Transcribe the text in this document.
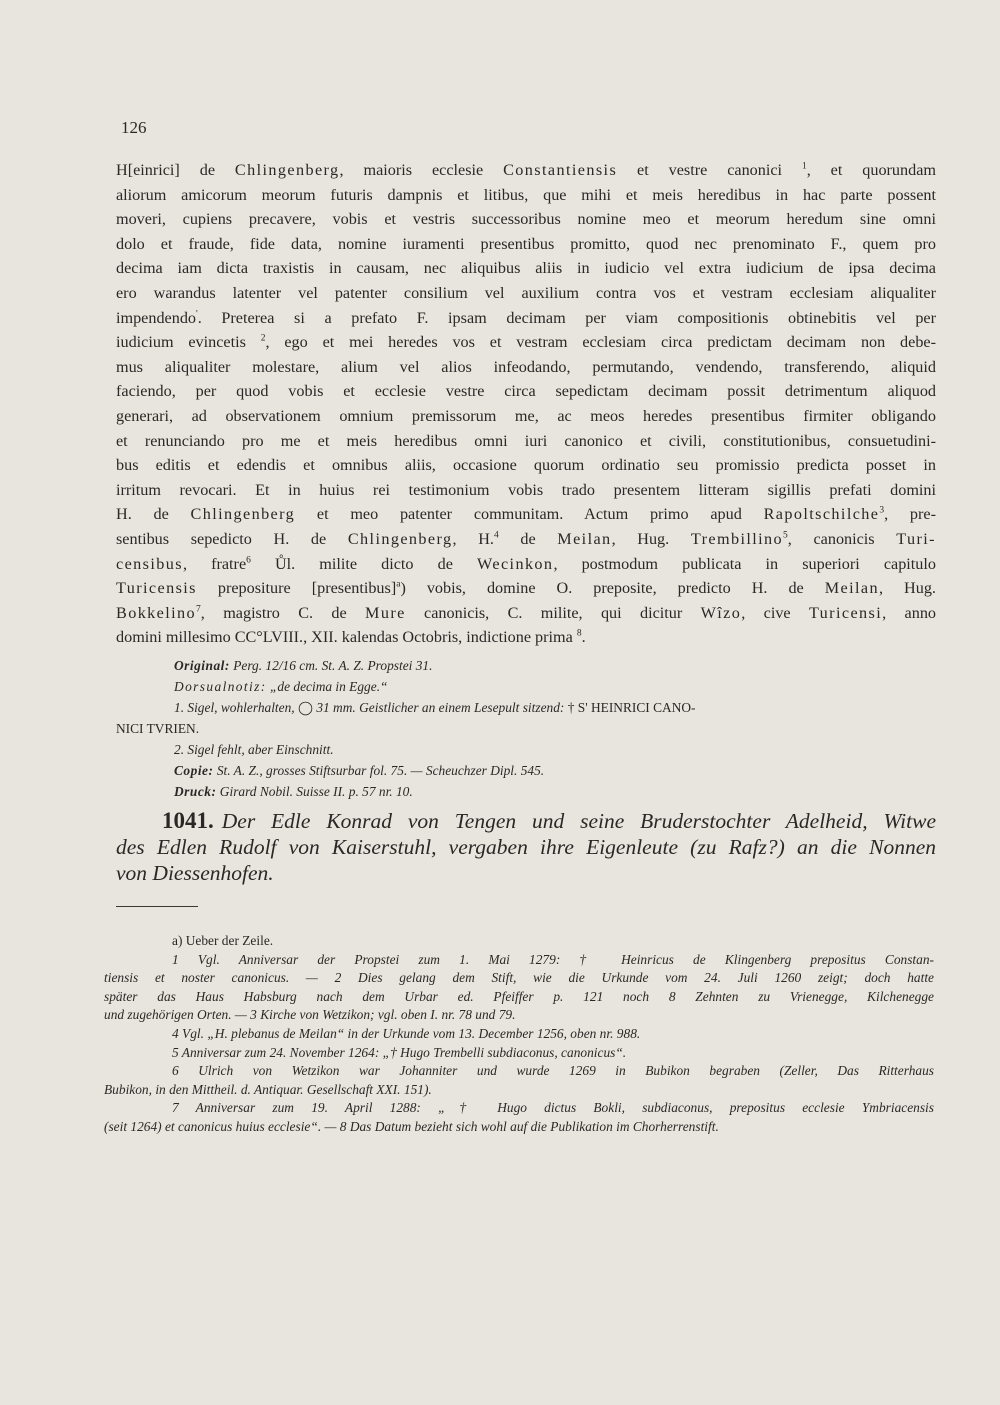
126

H[einrici] de Chlingenberg, maioris ecclesie Constantiensis et vestre canonici $^1$, et quorundam

aliorum amicorum meorum futuris dampnis et litibus, que mihi et meis heredibus in hac parte possent

moveri, cupiens precavere, vobis et vestris successoribus nomine meo et meorum heredum sine omni

dolo et fraude, fide data, nomine iuramenti presentibus promitto, quod nec prenominato F., quem pro

decima iam dicta traxistis in causam, nec aliquibus aliis in iudicio vel extra iudicium de ipsa decima

ero warandus latenter vel patenter consilium vel auxilium contra vos et vestram ecclesiam aliqualiter

impendendo'. Preterea si a prefato F. ipsam decimam per viam compositionis obtinebitis vel per

iudicium evincetis $^2$, ego et mei heredes vos et vestram ecclesiam circa predictam decimam non debe-

mus aliqualiter molestare, alium vel alios infeodando, permutando, vendendo, transferendo, aliquid

faciendo, per quod vobis et ecclesie vestre circa sepedictam decimam possit detrimentum aliquod

generari, ad observationem omnium premissorum me, ac meos heredes presentibus firmiter obligando

et renunciando pro me et meis heredibus omni iuri canonico et civili, constitutionibus, consuetudini-

bus editis et edendis et omnibus aliis, occasione quorum ordinatio seu promissio predicta posset in

irritum revocari. Et in huius rei testimonium vobis trado presentem litteram sigillis prefati domini

H. de Chlingenberg et meo patenter communitam. Actum primo apud Rapoltschilche$^3$, pre-

sentibus sepedicto H. de Chlingenberg, H.$^4$ de Meilan, Hug. Trembillino$^5$, canonicis Turi-

censibus, fratre$^6$ Ůl. milite dicto de Wecinkon, postmodum publicata in superiori capitulo

Turicensis prepositure [presentibus]$^a$) vobis, domine O. preposite, predicto H. de Meilan, Hug.

Bokkelino$^7$, magistro C. de Mure canonicis, C. milite, qui dicitur Wîzo, cive Turicensi, anno

domini millesimo CC°LVIII., XII. kalendas Octobris, indictione prima $^8$.

Original: Perg. 12/16 cm. St. A. Z. Propstei 31.

Dorsualnotiz: „de decima in Egge.“

1. Sigel, wohlerhalten, ◯ 31 mm. Geistlicher an einem Lesepult sitzend: † S' HEINRICI CANO-

NICI TVRIEN.

2. Sigel fehlt, aber Einschnitt.

Copie: St. A. Z., grosses Stiftsurbar fol. 75. — Scheuchzer Dipl. 545.

Druck: Girard Nobil. Suisse II. p. 57 nr. 10.

1041. Der Edle Konrad von Tengen und seine Bruderstochter Adelheid, Witwe

des Edlen Rudolf von Kaiserstuhl, vergaben ihre Eigenleute (zu Rafz?) an die Nonnen

von Diessenhofen.

a) Ueber der Zeile.

1 Vgl. Anniversar der Propstei zum 1. Mai 1279: † Heinricus de Klingenberg prepositus Constan-

tiensis et noster canonicus. — 2 Dies gelang dem Stift, wie die Urkunde vom 24. Juli 1260 zeigt; doch hatte

später das Haus Habsburg nach dem Urbar ed. Pfeiffer p. 121 noch 8 Zehnten zu Vrienegge, Kilchenegge

und zugehörigen Orten. — 3 Kirche von Wetzikon; vgl. oben I. nr. 78 und 79.

4 Vgl. „H. plebanus de Meilan“ in der Urkunde vom 13. December 1256, oben nr. 988.

5 Anniversar zum 24. November 1264: „† Hugo Trembelli subdiaconus, canonicus“.

6 Ulrich von Wetzikon war Johanniter und wurde 1269 in Bubikon begraben (Zeller, Das Ritterhaus

Bubikon, in den Mittheil. d. Antiquar. Gesellschaft XXI. 151).

7 Anniversar zum 19. April 1288: „† Hugo dictus Bokli, subdiaconus, prepositus ecclesie Ymbriacensis

(seit 1264) et canonicus huius ecclesie“. — 8 Das Datum bezieht sich wohl auf die Publikation im Chorherrenstift.
